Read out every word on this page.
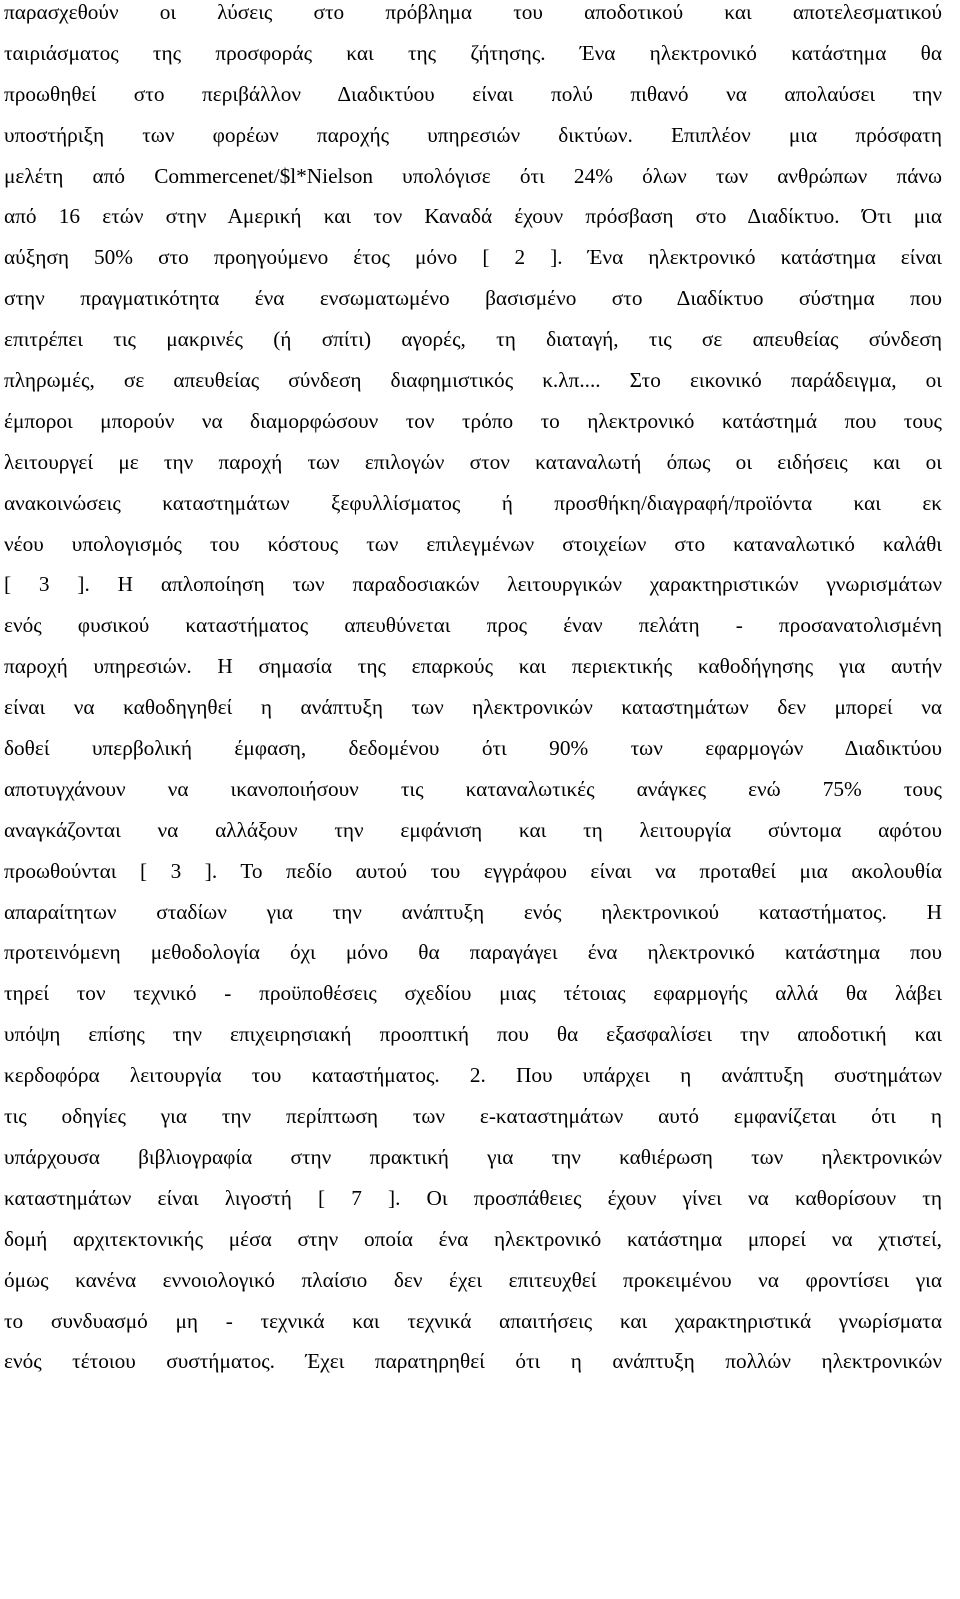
παρασχεθούν οι λύσεις στο πρόβλημα του αποδοτικού και αποτελεσματικού
ταιριάσματος της προσφοράς και της ζήτησης. Ένα ηλεκτρονικό κατάστημα θα
προωθηθεί στο περιβάλλον Διαδικτύου είναι πολύ πιθανό να απολαύσει την
υποστήριξη των φορέων παροχής υπηρεσιών δικτύων. Επιπλέον μια πρόσφατη
μελέτη από Commercenet/$l*Nielson υπολόγισε ότι 24% όλων των ανθρώπων πάνω
από 16 ετών στην Αμερική και τον Καναδά έχουν πρόσβαση στο Διαδίκτυο. Ότι μια
αύξηση 50% στο προηγούμενο έτος μόνο [ 2 ]. Ένα ηλεκτρονικό κατάστημα είναι
στην πραγματικότητα ένα ενσωματωμένο βασισμένο στο Διαδίκτυο σύστημα που
επιτρέπει τις μακρινές (ή σπίτι) αγορές, τη διαταγή, τις σε απευθείας σύνδεση
πληρωμές, σε απευθείας σύνδεση διαφημιστικός κ.λπ.... Στο εικονικό παράδειγμα, οι
έμποροι μπορούν να διαμορφώσουν τον τρόπο το ηλεκτρονικό κατάστημά που τους
λειτουργεί με την παροχή των επιλογών στον καταναλωτή όπως οι ειδήσεις και οι
ανακοινώσεις καταστημάτων ξεφυλλίσματος ή προσθήκη/διαγραφή/προϊόντα και εκ
νέου υπολογισμός του κόστους των επιλεγμένων στοιχείων στο καταναλωτικό καλάθι
[ 3 ]. Η απλοποίηση των παραδοσιακών λειτουργικών χαρακτηριστικών γνωρισμάτων
ενός φυσικού καταστήματος απευθύνεται προς έναν πελάτη - προσανατολισμένη
παροχή υπηρεσιών. Η σημασία της επαρκούς και περιεκτικής καθοδήγησης για αυτήν
είναι να καθοδηγηθεί η ανάπτυξη των ηλεκτρονικών καταστημάτων δεν μπορεί να
δοθεί υπερβολική έμφαση, δεδομένου ότι 90% των εφαρμογών Διαδικτύου
αποτυγχάνουν να ικανοποιήσουν τις καταναλωτικές ανάγκες ενώ 75% τους
αναγκάζονται να αλλάξουν την εμφάνιση και τη λειτουργία σύντομα αφότου
προωθούνται [ 3 ]. Το πεδίο αυτού του εγγράφου είναι να προταθεί μια ακολουθία
απαραίτητων σταδίων για την ανάπτυξη ενός ηλεκτρονικού καταστήματος. Η
προτεινόμενη μεθοδολογία όχι μόνο θα παραγάγει ένα ηλεκτρονικό κατάστημα που
τηρεί τον τεχνικό - προϋποθέσεις σχεδίου μιας τέτοιας εφαρμογής αλλά θα λάβει
υπόψη επίσης την επιχειρησιακή προοπτική που θα εξασφαλίσει την αποδοτική και
κερδοφόρα λειτουργία του καταστήματος. 2. Που υπάρχει η ανάπτυξη συστημάτων
τις οδηγίες για την περίπτωση των ε-καταστημάτων αυτό εμφανίζεται ότι η
υπάρχουσα βιβλιογραφία στην πρακτική για την καθιέρωση των ηλεκτρονικών
καταστημάτων είναι λιγοστή [ 7 ]. Οι προσπάθειες έχουν γίνει να καθορίσουν τη
δομή αρχιτεκτονικής μέσα στην οποία ένα ηλεκτρονικό κατάστημα μπορεί να χτιστεί,
όμως κανένα εννοιολογικό πλαίσιο δεν έχει επιτευχθεί προκειμένου να φροντίσει για
το συνδυασμό μη - τεχνικά και τεχνικά απαιτήσεις και χαρακτηριστικά γνωρίσματα
ενός τέτοιου συστήματος. Έχει παρατηρηθεί ότι η ανάπτυξη πολλών ηλεκτρονικών
